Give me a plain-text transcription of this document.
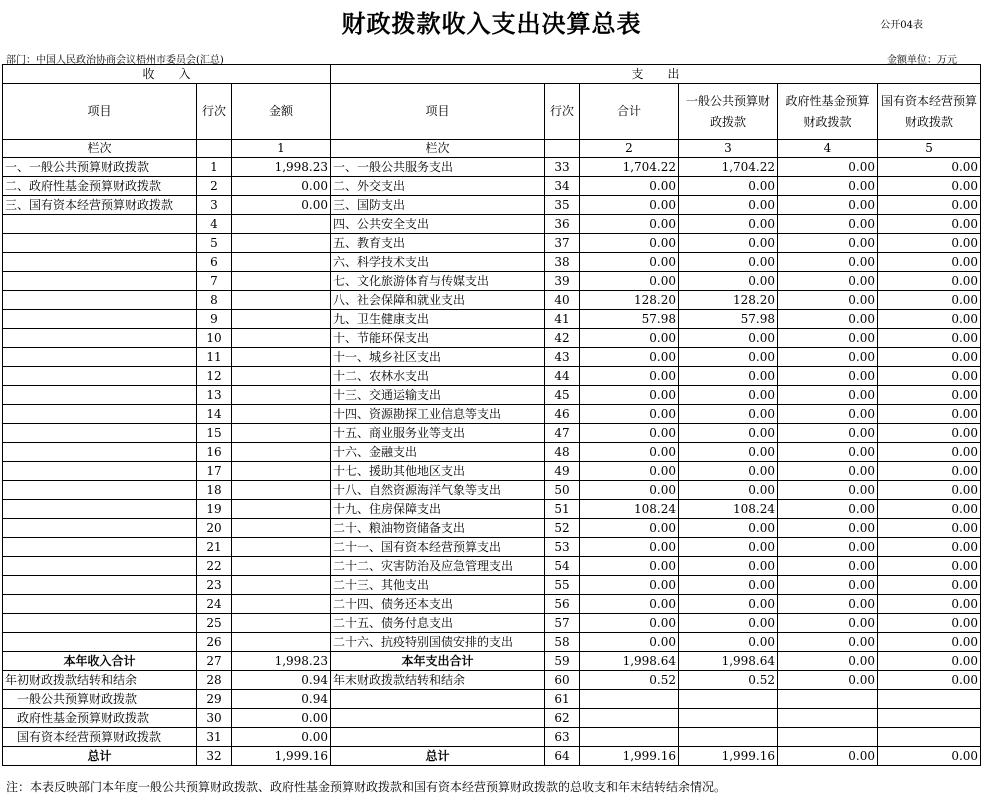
财政拨款收入支出决算总表	公开04表
部门：中国人民政治协商会议梧州市委员会(汇总)	金额单位：万元
收　　入			支　　出					
项目	行次	金额	项目	行次	合计	一般公共预算财政拨款	政府性基金预算财政拨款	国有资本经营预算财政拨款
栏次		1	栏次		2	3	4	5
一、一般公共预算财政拨款	1	1,998.23	一、一般公共服务支出	33	1,704.22	1,704.22	0.00	0.00
二、政府性基金预算财政拨款	2	0.00	二、外交支出	34	0.00	0.00	0.00	0.00
三、国有资本经营预算财政拨款	3	0.00	三、国防支出	35	0.00	0.00	0.00	0.00
	4		四、公共安全支出	36	0.00	0.00	0.00	0.00
	5		五、教育支出	37	0.00	0.00	0.00	0.00
	6		六、科学技术支出	38	0.00	0.00	0.00	0.00
	7		七、文化旅游体育与传媒支出	39	0.00	0.00	0.00	0.00
	8		八、社会保障和就业支出	40	128.20	128.20	0.00	0.00
	9		九、卫生健康支出	41	57.98	57.98	0.00	0.00
	10		十、节能环保支出	42	0.00	0.00	0.00	0.00
	11		十一、城乡社区支出	43	0.00	0.00	0.00	0.00
	12		十二、农林水支出	44	0.00	0.00	0.00	0.00
	13		十三、交通运输支出	45	0.00	0.00	0.00	0.00
	14		十四、资源勘探工业信息等支出	46	0.00	0.00	0.00	0.00
	15		十五、商业服务业等支出	47	0.00	0.00	0.00	0.00
	16		十六、金融支出	48	0.00	0.00	0.00	0.00
	17		十七、援助其他地区支出	49	0.00	0.00	0.00	0.00
	18		十八、自然资源海洋气象等支出	50	0.00	0.00	0.00	0.00
	19		十九、住房保障支出	51	108.24	108.24	0.00	0.00
	20		二十、粮油物资储备支出	52	0.00	0.00	0.00	0.00
	21		二十一、国有资本经营预算支出	53	0.00	0.00	0.00	0.00
	22		二十二、灾害防治及应急管理支出	54	0.00	0.00	0.00	0.00
	23		二十三、其他支出	55	0.00	0.00	0.00	0.00
	24		二十四、债务还本支出	56	0.00	0.00	0.00	0.00
	25		二十五、债务付息支出	57	0.00	0.00	0.00	0.00
	26		二十六、抗疫特别国债安排的支出	58	0.00	0.00	0.00	0.00
本年收入合计	27	1,998.23	本年支出合计	59	1,998.64	1,998.64	0.00	0.00
年初财政拨款结转和结余	28	0.94	年末财政拨款结转和结余	60	0.52	0.52	0.00	0.00
一般公共预算财政拨款	29	0.94		61				
政府性基金预算财政拨款	30	0.00		62				
国有资本经营预算财政拨款	31	0.00		63				
总计	32	1,999.16	总计	64	1,999.16	1,999.16	0.00	0.00
注：本表反映部门本年度一般公共预算财政拨款、政府性基金预算财政拨款和国有资本经营预算财政拨款的总收支和年末结转结余情况。
